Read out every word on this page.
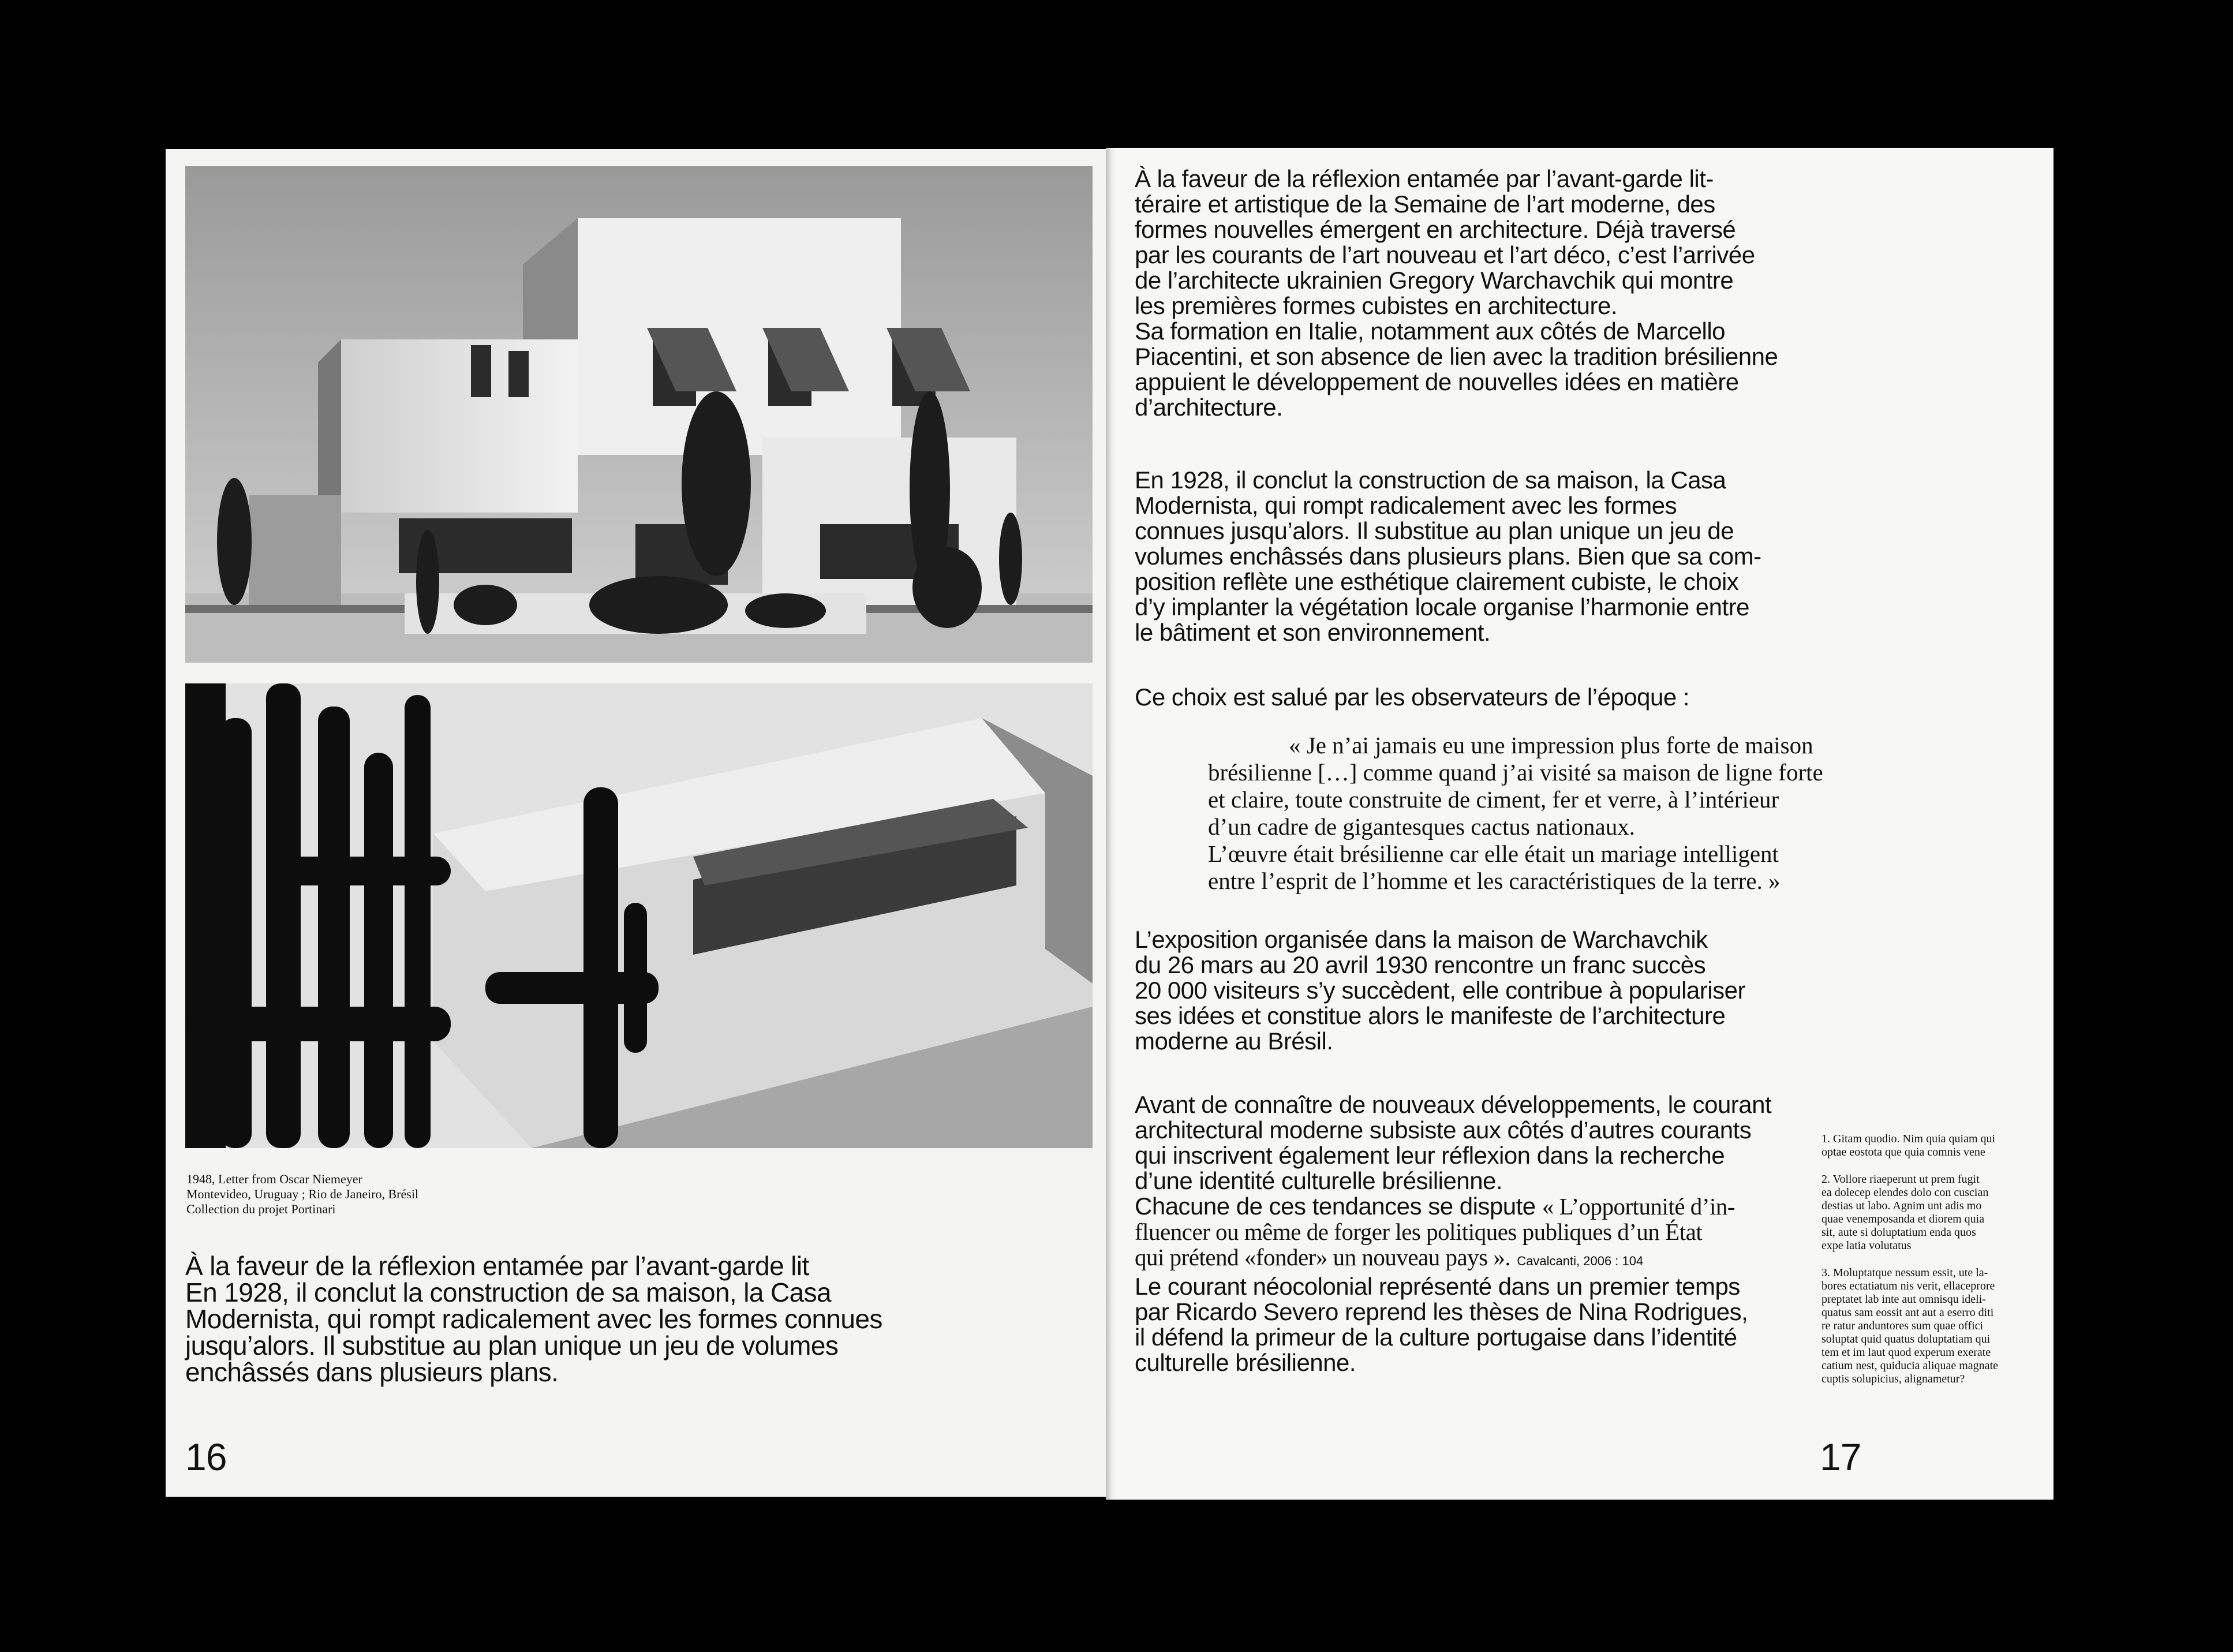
1948, Letter from Oscar Niemeyer
Montevideo, Uruguay ; Rio de Janeiro, Brésil
Collection du projet Portinari
À la faveur de la réflexion entamée par l’avant-garde lit
En 1928, il conclut la construction de sa maison, la Casa
Modernista, qui rompt radicalement avec les formes connues
jusqu’alors. Il substitue au plan unique un jeu de volumes
enchâssés dans plusieurs plans.
16
À la faveur de la réflexion entamée par l’avant-garde lit-
téraire et artistique de la Semaine de l’art moderne, des
formes nouvelles émergent en architecture. Déjà traversé
par les courants de l’art nouveau et l’art déco, c’est l’arrivée
de l’architecte ukrainien Gregory Warchavchik qui montre
les premières formes cubistes en architecture.
Sa formation en Italie, notamment aux côtés de Marcello
Piacentini, et son absence de lien avec la tradition brésilienne
appuient le développement de nouvelles idées en matière
d’architecture.
En 1928, il conclut la construction de sa maison, la Casa
Modernista, qui rompt radicalement avec les formes
connues jusqu’alors. Il substitue au plan unique un jeu de
volumes enchâssés dans plusieurs plans. Bien que sa com-
position reflète une esthétique clairement cubiste, le choix
d’y implanter la végétation locale organise l’harmonie entre
le bâtiment et son environnement.
Ce choix est salué par les observateurs de l’époque :
« Je n’ai jamais eu une impression plus forte de maison
brésilienne […] comme quand j’ai visité sa maison de ligne forte
et claire, toute construite de ciment, fer et verre, à l’intérieur
d’un cadre de gigantesques cactus nationaux.
L’œuvre était brésilienne car elle était un mariage intelligent
entre l’esprit de l’homme et les caractéristiques de la terre. »
L’exposition organisée dans la maison de Warchavchik
du 26 mars au 20 avril 1930 rencontre un franc succès
20 000 visiteurs s’y succèdent, elle contribue à populariser
ses idées et constitue alors le manifeste de l’architecture
moderne au Brésil.
Avant de connaître de nouveaux développements, le courant
architectural moderne subsiste aux côtés d’autres courants
qui inscrivent également leur réflexion dans la recherche
d’une identité culturelle brésilienne.
Chacune de ces tendances se dispute « L’opportunité d’in-
fluencer ou même de forger les politiques publiques d’un État
qui prétend «fonder» un nouveau pays ». Cavalcanti, 2006 : 104
Le courant néocolonial représenté dans un premier temps
par Ricardo Severo reprend les thèses de Nina Rodrigues,
il défend la primeur de la culture portugaise dans l’identité
culturelle brésilienne.
1. Gitam quodio. Nim quia quiam qui
optae eostota que quia comnis vene
2. Vollore riaeperunt ut prem fugit
ea dolecep elendes dolo con cuscian
destias ut labo. Agnim unt adis mo
quae venemposanda et diorem quia
sit, aute si doluptatium enda quos
expe latia volutatus
3. Moluptatque nessum essit, ute la-
bores ectatiatum nis verit, ellaceprore
preptatet lab inte aut omnisqu ideli-
quatus sam eossit ant aut a eserro diti
re ratur anduntores sum quae offici
soluptat quid quatus doluptatiam qui
tem et im laut quod experum exerate
catium nest, quiducia aliquae magnate
cuptis solupicius, alignametur?
17
